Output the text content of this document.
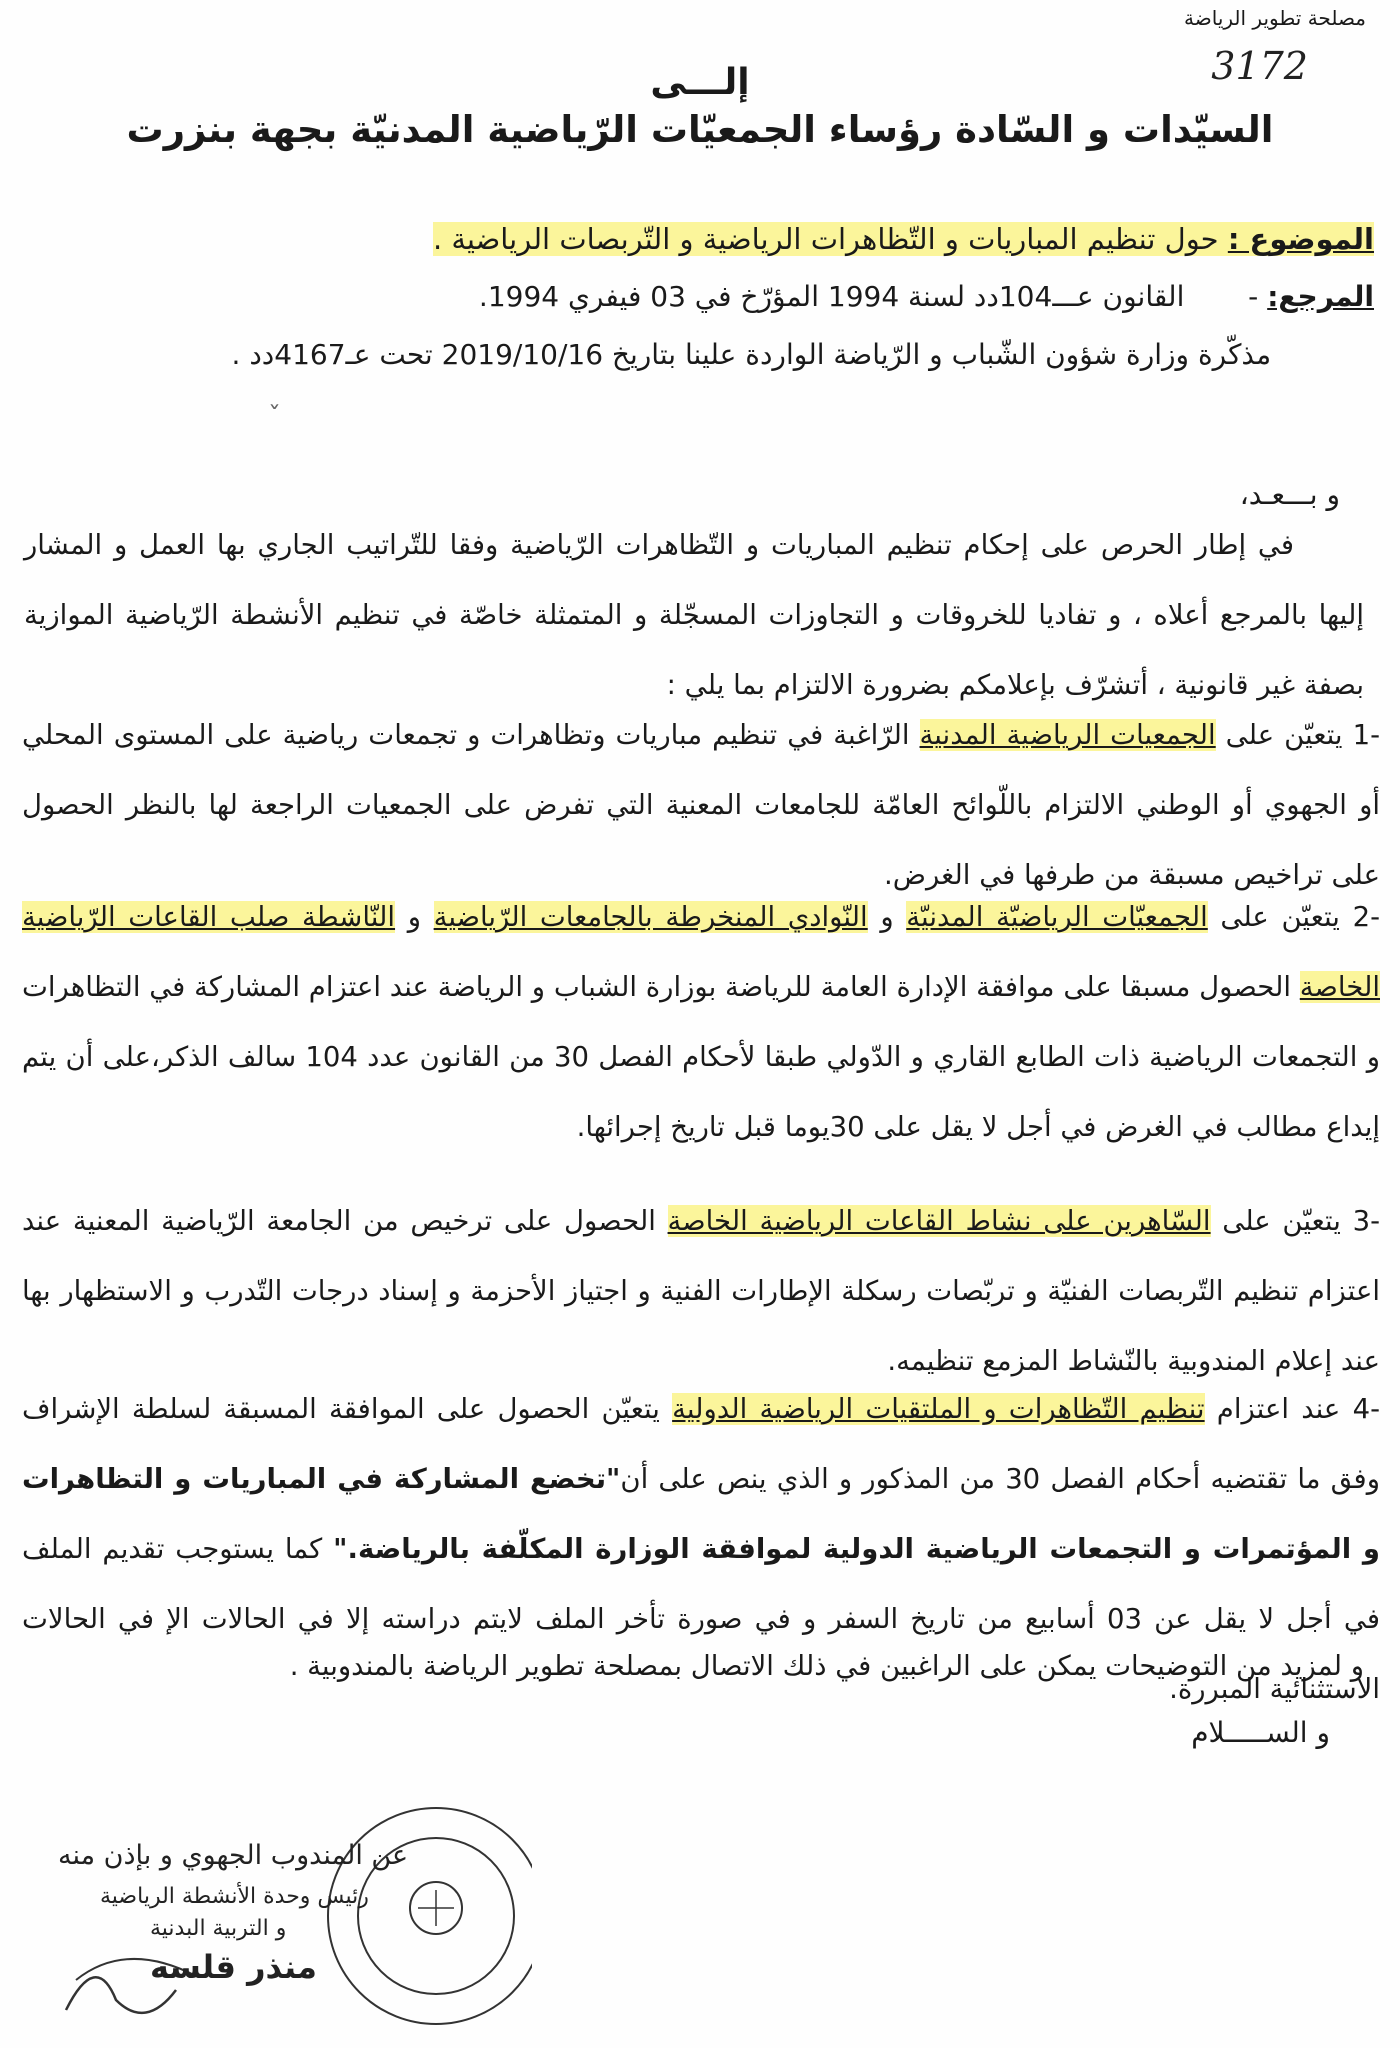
مصلحة تطوير الرياضة
3172
إلـــى
السيّدات و السّادة رؤساء الجمعيّات الرّياضية المدنيّة بجهة بنزرت
الموضوع : حول تنظيم المباريات و التّظاهرات الرياضية و التّربصات الرياضية .
المرجع: -  القانون عـــ104دد لسنة 1994 المؤرّخ في 03 فيفري 1994.
مذكّرة وزارة شؤون الشّباب و الرّياضة الواردة علينا بتاريخ 2019/10/16 تحت عـ4167دد .
ˇ
و بـــعـد،
في إطار الحرص على إحكام تنظيم المباريات و التّظاهرات الرّياضية وفقا للتّراتيب الجاري بها العمل و المشار إليها بالمرجع أعلاه ، و تفاديا للخروقات و التجاوزات المسجّلة و المتمثلة خاصّة في تنظيم الأنشطة الرّياضية الموازية بصفة غير قانونية ، أتشرّف بإعلامكم بضرورة الالتزام بما يلي :
-1 يتعيّن على الجمعيات الرياضية المدنية الرّاغبة في تنظيم مباريات وتظاهرات و تجمعات رياضية على المستوى المحلي أو الجهوي أو الوطني الالتزام باللّوائح العامّة للجامعات المعنية التي تفرض على الجمعيات الراجعة لها بالنظر الحصول على تراخيص مسبقة من طرفها في الغرض.
-2 يتعيّن على الجمعيّات الرياضيّة المدنيّة و النّوادي المنخرطة بالجامعات الرّياضية و النّاشطة صلب القاعات الرّياضية الخاصة الحصول مسبقا على موافقة الإدارة العامة للرياضة بوزارة الشباب و الرياضة عند اعتزام المشاركة في التظاهرات و التجمعات الرياضية ذات الطابع القاري و الدّولي طبقا لأحكام الفصل 30 من القانون عدد 104 سالف الذكر،على أن يتم إيداع مطالب في الغرض في أجل لا يقل على 30يوما قبل تاريخ إجرائها.
-3 يتعيّن على السّاهرين على نشاط القاعات الرياضية الخاصة الحصول على ترخيص من الجامعة الرّياضية المعنية عند اعتزام تنظيم التّربصات الفنيّة و تربّصات رسكلة الإطارات الفنية و اجتياز الأحزمة و إسناد درجات التّدرب و الاستظهار بها عند إعلام المندوبية بالنّشاط المزمع تنظيمه.
-4 عند اعتزام تنظيم التّظاهرات و الملتقيات الرياضية الدولية يتعيّن الحصول على الموافقة المسبقة لسلطة الإشراف وفق ما تقتضيه أحكام الفصل 30 من المذكور و الذي ينص على أن"تخضع المشاركة في المباريات و التظاهرات و المؤتمرات و التجمعات الرياضية الدولية لموافقة الوزارة المكلّفة بالرياضة." كما يستوجب تقديم الملف في أجل لا يقل عن 03 أسابيع من تاريخ السفر و في صورة تأخر الملف لايتم دراسته إلا في الحالات الإ في الحالات الاستثنائية المبررة.
و لمزيد من التوضيحات يمكن على الراغبين في ذلك الاتصال بمصلحة تطوير الرياضة بالمندوبية .
و الســـــلام
عن المندوب الجهوي و بإذن منه
رئيس وحدة الأنشطة الرياضية
و التربية البدنية
منذر قلسه
